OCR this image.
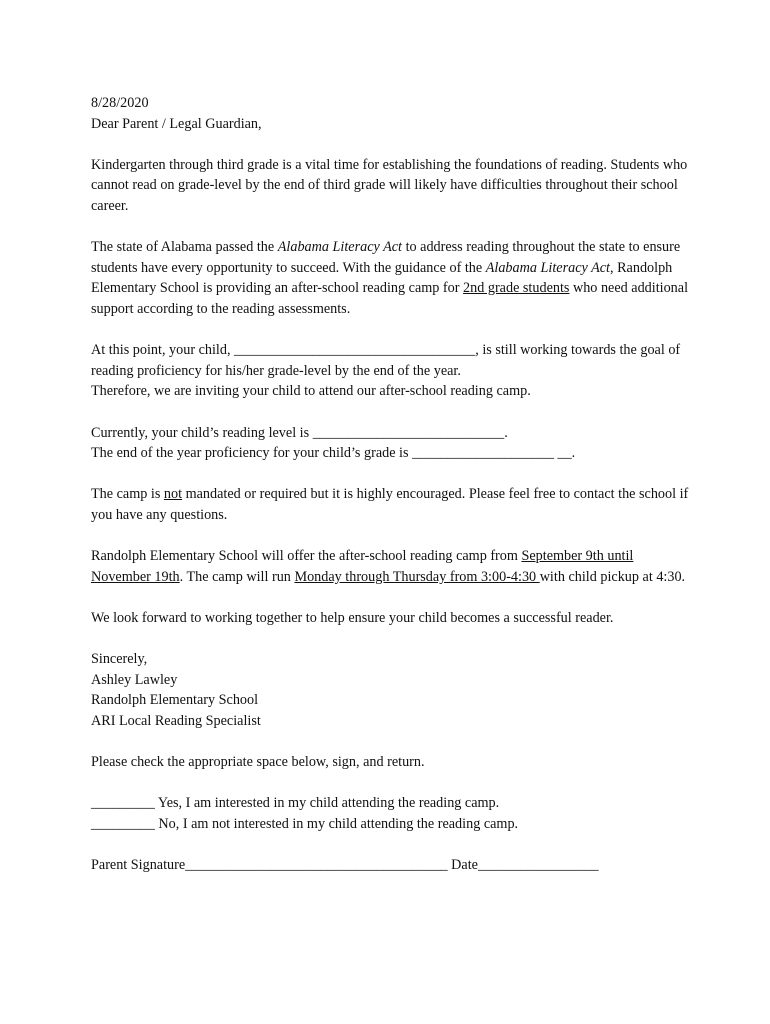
8/28/2020

Dear Parent / Legal Guardian,

Kindergarten through third grade is a vital time for establishing the foundations of reading. Students who cannot read on grade-level by the end of third grade will likely have difficulties throughout their school career.

The state of Alabama passed the Alabama Literacy Act to address reading throughout the state to ensure students have every opportunity to succeed. With the guidance of the Alabama Literacy Act, Randolph Elementary School is providing an after-school reading camp for 2nd grade students who need additional support according to the reading assessments.

At this point, your child, __________________________________, is still working towards the goal of reading proficiency for his/her grade-level by the end of the year.

Therefore, we are inviting your child to attend our after-school reading camp.

Currently, your child’s reading level is ___________________________.

The end of the year proficiency for your child’s grade is ____________________ __.

The camp is not mandated or required but it is highly encouraged. Please feel free to contact the school if you have any questions.

Randolph Elementary School will offer the after-school reading camp from September 9th until November 19th. The camp will run Monday through Thursday from 3:00-4:30 with child pickup at 4:30.

We look forward to working together to help ensure your child becomes a successful reader.

Sincerely,

Ashley Lawley

Randolph Elementary School

ARI Local Reading Specialist

Please check the appropriate space below, sign, and return.

_________ Yes, I am interested in my child attending the reading camp.

_________ No, I am not interested in my child attending the reading camp.

Parent Signature_____________________________________ Date_________________
